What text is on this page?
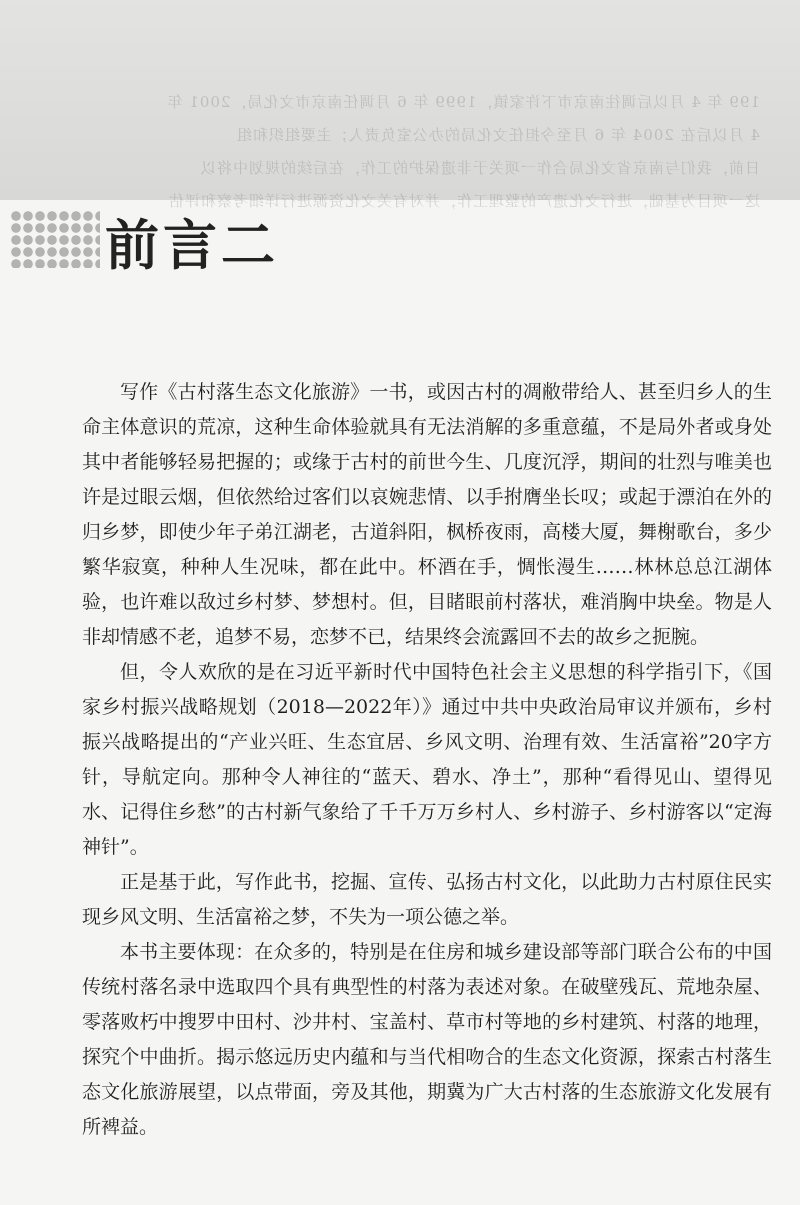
199 年 4 月以后调往南京市下许家镇，1999 年 6 月调任南京市文化局，2001 年
4 月以后在 2004 年 6 月至今担任文化局的办公室负责人；主要组织和组
日前，我们与南京省文化局合作一项关于非遗保护的工作，在后续的规划中将以
这一项目为基础，进行文化遗产的整理工作，并对有关文化资源进行详细考察和评估
前言二

写作《古村落生态文化旅游》一书，或因古村的凋敝带给人、甚至归乡人的生命主体意识的荒凉，这种生命体验就具有无法消解的多重意蕴，不是局外者或身处其中者能够轻易把握的；或缘于古村的前世今生、几度沉浮，期间的壮烈与唯美也许是过眼云烟，但依然给过客们以哀婉悲情、以手拊膺坐长叹；或起于漂泊在外的归乡梦，即使少年子弟江湖老，古道斜阳，枫桥夜雨，高楼大厦，舞榭歌台，多少繁华寂寞，种种人生况味，都在此中。杯酒在手，惆怅漫生……林林总总江湖体验，也许难以敌过乡村梦、梦想村。但，目睹眼前村落状，难消胸中块垒。物是人非却情感不老，追梦不易，恋梦不已，结果终会流露回不去的故乡之扼腕。

但，令人欢欣的是在习近平新时代中国特色社会主义思想的科学指引下，《国家乡村振兴战略规划（2018—2022年）》通过中共中央政治局审议并颁布，乡村振兴战略提出的“产业兴旺、生态宜居、乡风文明、治理有效、生活富裕”20字方针，导航定向。那种令人神往的“蓝天、碧水、净土”，那种“看得见山、望得见水、记得住乡愁”的古村新气象给了千千万万乡村人、乡村游子、乡村游客以“定海神针”。

正是基于此，写作此书，挖掘、宣传、弘扬古村文化，以此助力古村原住民实现乡风文明、生活富裕之梦，不失为一项公德之举。

本书主要体现：在众多的，特别是在住房和城乡建设部等部门联合公布的中国传统村落名录中选取四个具有典型性的村落为表述对象。在破壁残瓦、荒地杂屋、零落败朽中搜罗中田村、沙井村、宝盖村、草市村等地的乡村建筑、村落的地理，探究个中曲折。揭示悠远历史内蕴和与当代相吻合的生态文化资源，探索古村落生态文化旅游展望，以点带面，旁及其他，期冀为广大古村落的生态旅游文化发展有所裨益。
